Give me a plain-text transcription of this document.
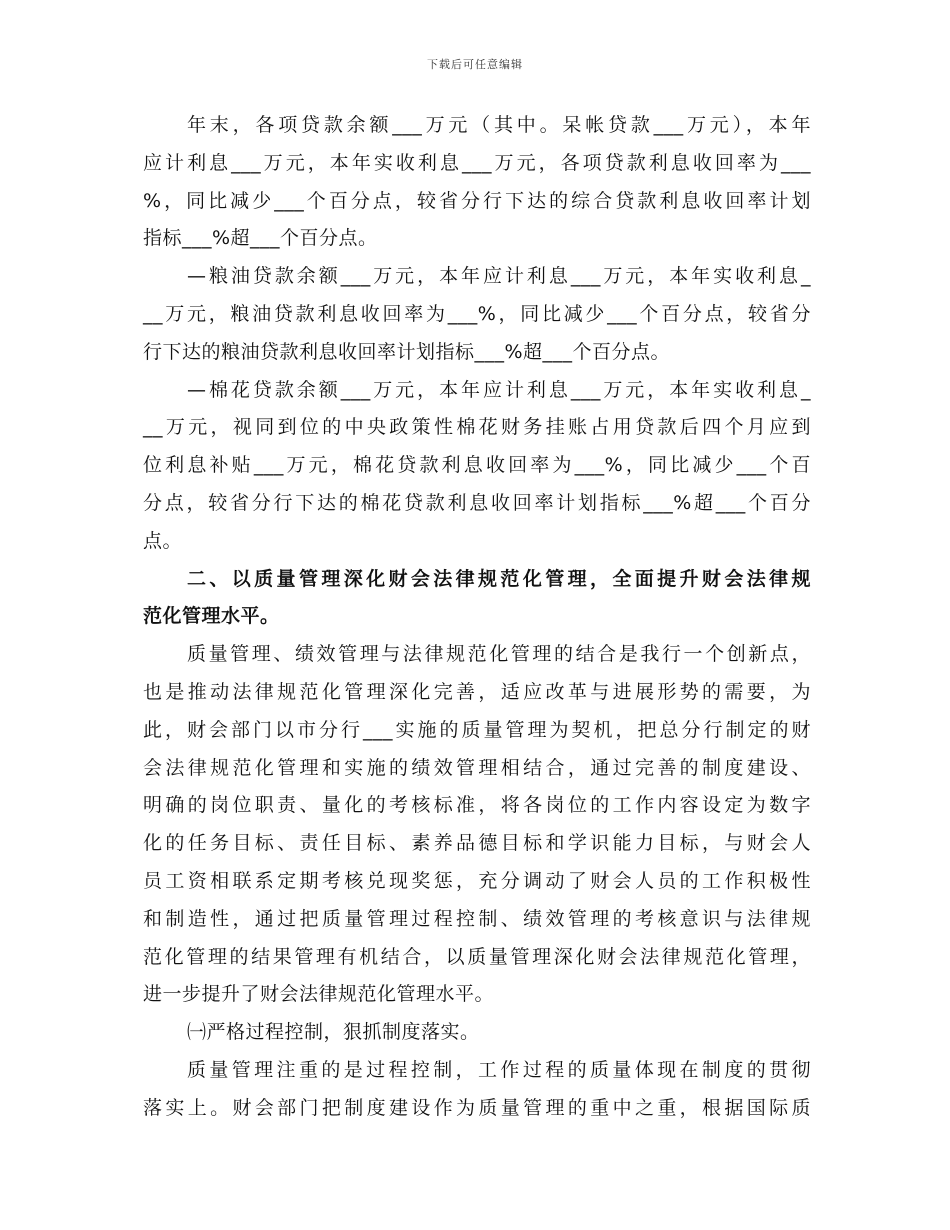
下载后可任意编辑
年末，各项贷款余额___万元（其中。呆帐贷款___万元），本年
应计利息___万元，本年实收利息___万元，各项贷款利息收回率为___
%，同比减少___个百分点，较省分行下达的综合贷款利息收回率计划
指标___%超___个百分点。
—粮油贷款余额___万元，本年应计利息___万元，本年实收利息_
__万元，粮油贷款利息收回率为___%，同比减少___个百分点，较省分
行下达的粮油贷款利息收回率计划指标___%超___个百分点。
—棉花贷款余额___万元，本年应计利息___万元，本年实收利息_
__万元，视同到位的中央政策性棉花财务挂账占用贷款后四个月应到
位利息补贴___万元，棉花贷款利息收回率为___%，同比减少___个百
分点，较省分行下达的棉花贷款利息收回率计划指标___%超___个百分
点。
二、以质量管理深化财会法律规范化管理，全面提升财会法律规
范化管理水平。
质量管理、绩效管理与法律规范化管理的结合是我行一个创新点，
也是推动法律规范化管理深化完善，适应改革与进展形势的需要，为
此，财会部门以市分行___实施的质量管理为契机，把总分行制定的财
会法律规范化管理和实施的绩效管理相结合，通过完善的制度建设、
明确的岗位职责、量化的考核标准，将各岗位的工作内容设定为数字
化的任务目标、责任目标、素养品德目标和学识能力目标，与财会人
员工资相联系定期考核兑现奖惩，充分调动了财会人员的工作积极性
和制造性，通过把质量管理过程控制、绩效管理的考核意识与法律规
范化管理的结果管理有机结合，以质量管理深化财会法律规范化管理，
进一步提升了财会法律规范化管理水平。
㈠严格过程控制，狠抓制度落实。
质量管理注重的是过程控制，工作过程的质量体现在制度的贯彻
落实上。财会部门把制度建设作为质量管理的重中之重，根据国际质
